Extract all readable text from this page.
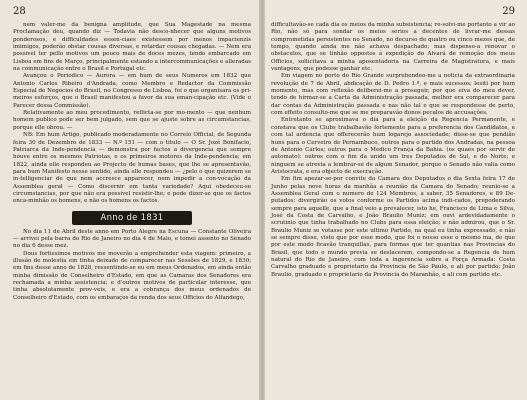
28

nem valer-me da benigna amplitude, que Sua Magestade na mesma Proclamação deu, quando diz — Todavia não desco-nhecer que alguns motivos ponderosos, e difficuldades essen-ciaes existessem por menos impacienzis imimigos, poderão obstar cousas diversas, e retardar cousas chegadas. — Nem era possivel ter pello motivos um pouco mais de doces mezes, tendo embarcado em Lisboa em fins de Março, principalmente estando a intercommunicações e alleradas na communicação entre o Brasil e Portugal etc.

Avançou o Periodico — Aurora — em hum de seus Numeros em 1832 que Antonio Carlos Ribeiro d'Andrada, como Membro e Redactor da Commissão Especial de Negocios do Brasil, no Congresso de Lisboa, foi o que organisara os pri-meiros esforços, que o Brasil manifestou a favor da sua eman-cipação etc. (Vide o Parecer dessa Commissão).

Relativamente ao meu procedimento, reflicta-se por mo-mento — que nenhum homem publico pode ser bem julgado, sem que se ajuste sobre as circumstancias, porque elle obrou. —

NB: Em hum Artigo, publicado moderadamente no Correio Official, de Segunda feira 30 de Dezembro de 1833 — N.º 151 — com o titulo — O Sr. Jozé Bonifacio, Patriarca da Inde-pendencia — demonstra por factos a divergencia que sempre houve entre os mesmos Patriotas, e os primeiros motores da Inde-pendencia; em 1822, ainda elle respondeu ao Projecto de humas bases, que lhe se apresentavão, para hum Manifesto nesse sentido, ainda elle respondeu — ¿pelo o que quizerem se in-telligenciar de que nem accresce apparecer, nem impedir a con-vocação da Assemblea geral — Como discernir em tanta variedade? Aqui obedeceu-se circumstancias, por que não era possivel resistir-lhe; e pode dizer-se que os factos enca-minhão os homens, e não os homens os factos.

Anno de 1831

No dia 11 de Abril deste anno em Porto Alegre na Escuna — Constante Oliveira — arrivei pela barra do Rio de Janeiro no dia 4 de Maio, e tomei assento no Senado no dia 6 desse mez.

Dous fortissimos motivos me moverão a emprehender esta viagem: primeiro, a illusão de molestia em tinha deixado de comparecer nas Sessões de 1829, e 1830; em fins desse anno de 1828, ressentindo-se eu em meus Ordenados, em ainda então minha dimissão de Conselheiro d'Estado, em que as Camaras dos Senadores era rechamada a minha assistencia; e d'outros motivos de particular interesse, que tinha absolutamente prov-veis, e era a cobrança dos meus ordenados de Conselheiro d'Estado, com os embaraços da renda dos seus Officios do Alfandego,

29

difficultavão-se cada dia os meios da minha subsistencia; re-solvi-me portanto a vir ao Rio, não só para sondar os meios serios a decentes de livrar-me dessas comprometidas persistentes no Senado, no decurso de quatro ou cinco mezes que, de tempo, quando ainda me não achava despachado; mas dispenso-a renovar o obstaculos, que se tinhão oppostos á expedição do Alvará de remoção dos meus Officios, sollicitava a minha aposentadoria na Carreira de Magistratura, e mais vantagens, que podesse ganhar etc.

Em viagem no porto do Rio Grande surprehendeo-me a noticia da extraordinaria revolução de 7 de Abril, abdicação de D. Pedro 1.º, e mais sucessos; lesiti por hum momento, mas com reflexão deliberei-me a proseguir, por que eiva do meu dever, tendo de hirmar-se a Carta da Administração passada, melhor era comparecer para dar contas da Administração passada e nas não tal e que se respondesse de perto, com effeito consulto-me que se me preparavão donos pecalos de accusações.

Entretanto se aproximava o dia para a eleição da Regencia Permanente, e constava que os Clubs trabalhavão fortemente para a preferencia dos Candidatos, e com tal ardencia que offerecerão hum logarejo associedade; disse-se que pendião huns para o Cerveiro de Pernambuco, outros para o partido dos Andradas, na pessoa de Antonio Carlos; outros para o Medico França da Bahia. (os quaes por servir de automato): outros com o fim da unido um tres Deputados de Sul, e do Norte; e ninguem se atrevia a lembrar-se de algum Senador, porque o Senado não valia como Aristocrata, e era objecto de execração.

Em fim apezar-se-por convite da Camara dos Deputados o dia Sexta feira 17 de Junho pelas nove horas da manhãa a reunião da Camara do Senado; reunio-se a Assemblea Geral com o numero de 124 Membros, a saber, 35 Senadores, e 89 De-putados; divergirão os votos conforme os Partidos acima indi-cados, prepoderando sempre para aquelle, que a final veio a prevalecer, isto he, Francisco de Lima e Silva, José da Costa de Carvalho, e João Braulio Muniz; em ouvi ardevidadamente o scrutinio que tinha trabalhado no Clubs para essa eleição; e não admirou, que o Sr. Braulio Muniz se votasse por este ultimo Partido, na qual eu tinha expressado, e não se sempre disse, visto que por esse modo, que foi o nosso esse o mesmo ma, de que por este modo ficavão tranquillas, para formas que ter quantias nas Provincias do Brasil, que todo o mundo previa se deslacerem, compondo-se a Regencia de hum natural do Rio de Janeiro, com toda a ingerencia sobre a Força Armada: Costa Carvalho graduado e proprietario da Provincia de São Paulo, e ali por partido; João Braulio, graduado e proprietario da Provincia do Maranhão, e ali com partido etc.
